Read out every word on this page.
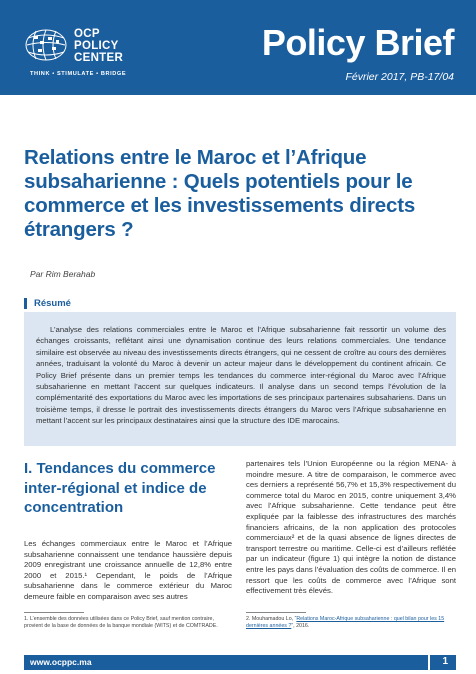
OCP
POLICY
CENTER
THINK • STIMULATE • BRIDGE
Policy Brief
Février 2017, PB-17/04
Relations entre le Maroc et l’Afrique subsaharienne : Quels potentiels pour le commerce et les investissements directs étrangers ?
Par Rim Berahab
Résumé

L’analyse des relations commerciales entre le Maroc et l’Afrique subsaharienne fait ressortir un volume des échanges croissants, reflétant ainsi une dynamisation continue des leurs relations commerciales. Une tendance similaire est observée au niveau des investissements directs étrangers, qui ne cessent de croître au cours des dernières années, traduisant la volonté du Maroc à devenir un acteur majeur dans le développement du continent africain. Ce Policy Brief présente dans un premier temps les tendances du commerce inter-régional du Maroc avec l’Afrique subsaharienne en mettant l’accent sur quelques indicateurs. Il analyse dans un second temps l’évolution de la complémentarité des exportations du Maroc avec les importations de ses principaux partenaires subsahariens. Dans un troisième temps, il dresse le portrait des investissements directs étrangers du Maroc vers l’Afrique subsaharienne en mettant l’accent sur les principaux destinataires ainsi que la structure des IDE marocains.

I. Tendances du commerce inter-régional et indice de concentration

Les échanges commerciaux entre le Maroc et l’Afrique subsaharienne connaissent une tendance haussière depuis 2009 enregistrant une croissance annuelle de 12,8% entre 2000 et 2015.¹ Cependant, le poids de l’Afrique subsaharienne dans le commerce extérieur du Maroc demeure faible en comparaison avec ses autres

partenaires tels l’Union Européenne ou la région MENA- à moindre mesure. A titre de comparaison, le commerce avec ces derniers a représenté 56,7% et 15,3% respectivement du commerce total du Maroc en 2015, contre uniquement 3,4% avec l’Afrique subsaharienne. Cette tendance peut être expliquée par la faiblesse des infrastructures des marchés financiers africains, de la non application des protocoles commerciaux² et de la quasi absence de lignes directes de transport terrestre ou maritime. Celle-ci est d’ailleurs reflétée par un indicateur (figure 1) qui intègre la notion de distance entre les pays dans l’évaluation des coûts de commerce. Il en ressort que les coûts de commerce avec l’Afrique sont effectivement très élevés.

1. L’ensemble des données utilisées dans ce Policy Brief, sauf mention contraire, provient de la base de données de la banque mondiale (WITS) et de COMTRADE.
2. Mouhamadou Lo, “Relations Maroc-Afrique subsaharienne : quel bilan pour les 15 dernières années ?”, 2016.
www.ocppc.ma	1
